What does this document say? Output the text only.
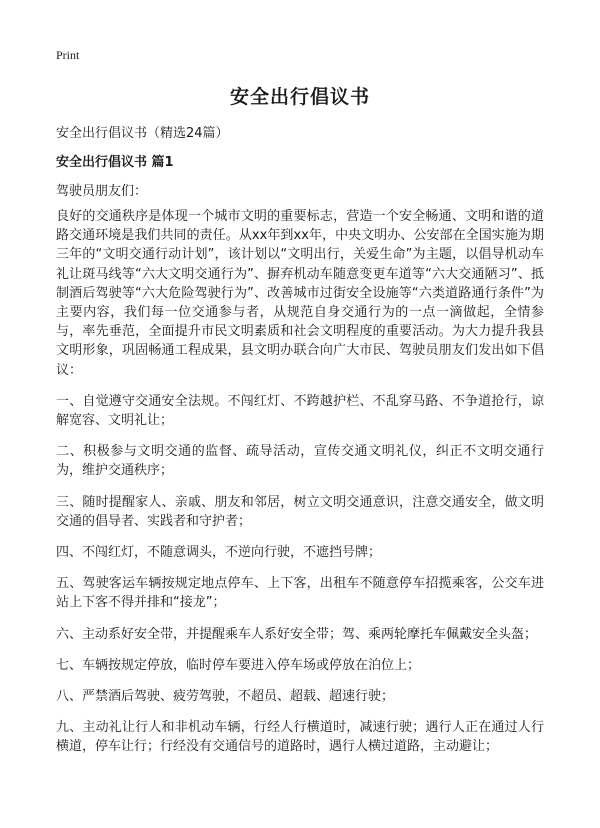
Print
安全出行倡议书
安全出行倡议书（精选24篇）
安全出行倡议书 篇1
驾驶员朋友们：

良好的交通秩序是体现一个城市文明的重要标志，营造一个安全畅通、文明和谐的道路交通环境是我们共同的责任。从xx年到xx年，中央文明办、公安部在全国实施为期三年的“文明交通行动计划”，该计划以“文明出行，关爱生命”为主题，以倡导机动车礼让斑马线等“六大文明交通行为”、摒弃机动车随意变更车道等“六大交通陋习”、抵制酒后驾驶等“六大危险驾驶行为”、改善城市过街安全设施等“六类道路通行条件”为主要内容，我们每一位交通参与者，从规范自身交通行为的一点一滴做起，全情参与，率先垂范，全面提升市民文明素质和社会文明程度的重要活动。为大力提升我县文明形象，巩固畅通工程成果，县文明办联合向广大市民、驾驶员朋友们发出如下倡议：

一、自觉遵守交通安全法规。不闯红灯、不跨越护栏、不乱穿马路、不争道抢行，谅解宽容、文明礼让；

二、积极参与文明交通的监督、疏导活动，宣传交通文明礼仪，纠正不文明交通行为，维护交通秩序；

三、随时提醒家人、亲戚、朋友和邻居，树立文明交通意识，注意交通安全，做文明交通的倡导者、实践者和守护者；

四、不闯红灯，不随意调头，不逆向行驶，不遮挡号牌；

五、驾驶客运车辆按规定地点停车、上下客，出租车不随意停车招揽乘客，公交车进站上下客不得并排和“接龙”；

六、主动系好安全带，并提醒乘车人系好安全带；驾、乘两轮摩托车佩戴安全头盔；

七、车辆按规定停放，临时停车要进入停车场或停放在泊位上；

八、严禁酒后驾驶、疲劳驾驶，不超员、超载、超速行驶；

九、主动礼让行人和非机动车辆，行经人行横道时，减速行驶；遇行人正在通过人行横道，停车让行；行经没有交通信号的道路时，遇行人横过道路，主动避让；
